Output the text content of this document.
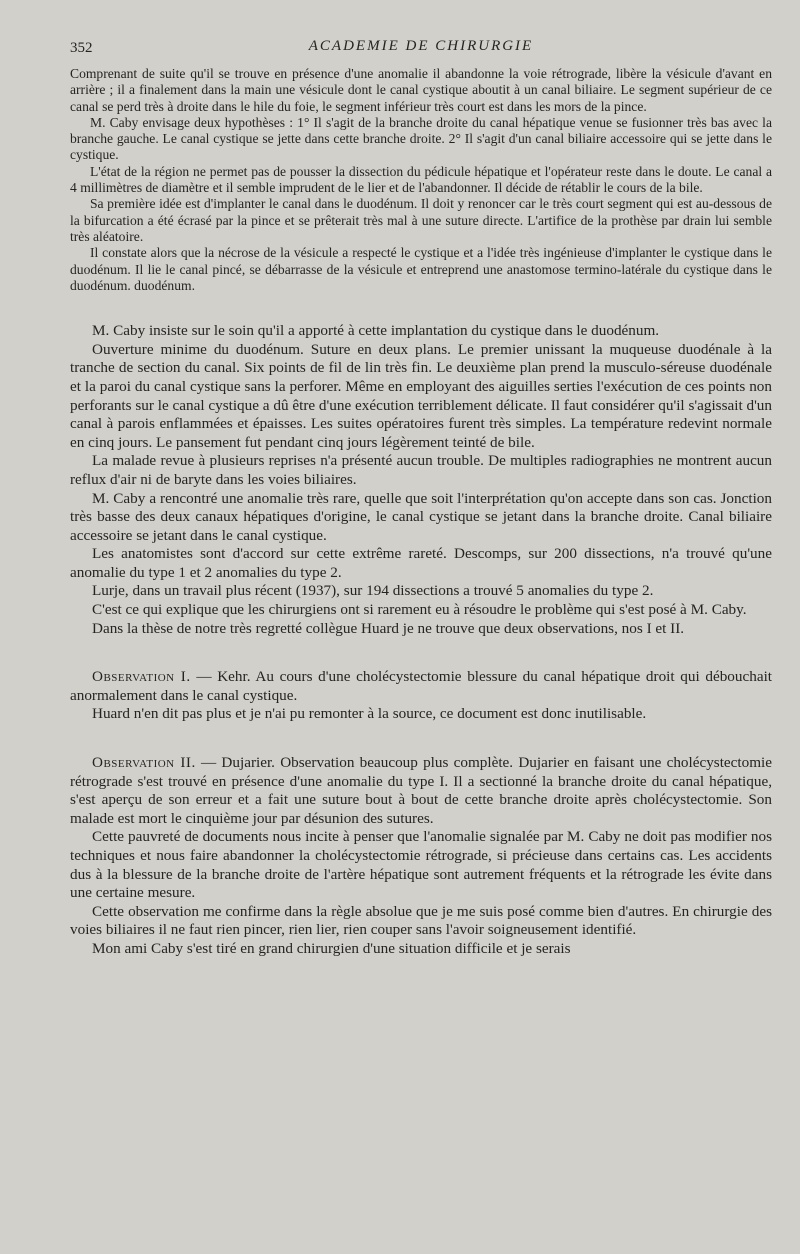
352	ACADEMIE DE CHIRURGIE

Comprenant de suite qu'il se trouve en présence d'une anomalie il abandonne la voie rétrograde, libère la vésicule d'avant en arrière ; il a finalement dans la main une vésicule dont le canal cystique aboutit à un canal biliaire. Le segment supérieur de ce canal se perd très à droite dans le hile du foie, le segment inférieur très court est dans les mors de la pince.

M. Caby envisage deux hypothèses : 1° Il s'agit de la branche droite du canal hépatique venue se fusionner très bas avec la branche gauche. Le canal cystique se jette dans cette branche droite. 2° Il s'agit d'un canal biliaire accessoire qui se jette dans le cystique.

L'état de la région ne permet pas de pousser la dissection du pédicule hépatique et l'opérateur reste dans le doute. Le canal a 4 millimètres de diamètre et il semble imprudent de le lier et de l'abandonner. Il décide de rétablir le cours de la bile.

Sa première idée est d'implanter le canal dans le duodénum. Il doit y renoncer car le très court segment qui est au-dessous de la bifurcation a été écrasé par la pince et se prêterait très mal à une suture directe. L'artifice de la prothèse par drain lui semble très aléatoire.

Il constate alors que la nécrose de la vésicule a respecté le cystique et a l'idée très ingénieuse d'implanter le cystique dans le duodénum. Il lie le canal pincé, se débarrasse de la vésicule et entreprend une anastomose termino-latérale du cystique dans le duodénum. duodénum.

M. Caby insiste sur le soin qu'il a apporté à cette implantation du cystique dans le duodénum.

Ouverture minime du duodénum. Suture en deux plans. Le premier unissant la muqueuse duodénale à la tranche de section du canal. Six points de fil de lin très fin. Le deuxième plan prend la musculo-séreuse duodénale et la paroi du canal cystique sans la perforer. Même en employant des aiguilles serties l'exécution de ces points non perforants sur le canal cystique a dû être d'une exécution terriblement délicate. Il faut considérer qu'il s'agissait d'un canal à parois enflammées et épaisses. Les suites opératoires furent très simples. La température redevint normale en cinq jours. Le pansement fut pendant cinq jours légèrement teinté de bile.

La malade revue à plusieurs reprises n'a présenté aucun trouble. De multiples radiographies ne montrent aucun reflux d'air ni de baryte dans les voies biliaires.

M. Caby a rencontré une anomalie très rare, quelle que soit l'interprétation qu'on accepte dans son cas. Jonction très basse des deux canaux hépatiques d'origine, le canal cystique se jetant dans la branche droite. Canal biliaire accessoire se jetant dans le canal cystique.

Les anatomistes sont d'accord sur cette extrême rareté. Descomps, sur 200 dissections, n'a trouvé qu'une anomalie du type 1 et 2 anomalies du type 2.

Lurje, dans un travail plus récent (1937), sur 194 dissections a trouvé 5 anomalies du type 2.

C'est ce qui explique que les chirurgiens ont si rarement eu à résoudre le problème qui s'est posé à M. Caby.

Dans la thèse de notre très regretté collègue Huard je ne trouve que deux observations, nos I et II.

Observation I. — Kehr. Au cours d'une cholécystectomie blessure du canal hépatique droit qui débouchait anormalement dans le canal cystique.

Huard n'en dit pas plus et je n'ai pu remonter à la source, ce document est donc inutilisable.

Observation II. — Dujarier. Observation beaucoup plus complète. Dujarier en faisant une cholécystectomie rétrograde s'est trouvé en présence d'une anomalie du type I. Il a sectionné la branche droite du canal hépatique, s'est aperçu de son erreur et a fait une suture bout à bout de cette branche droite après cholécystectomie. Son malade est mort le cinquième jour par désunion des sutures.

Cette pauvreté de documents nous incite à penser que l'anomalie signalée par M. Caby ne doit pas modifier nos techniques et nous faire abandonner la cholécystectomie rétrograde, si précieuse dans certains cas. Les accidents dus à la blessure de la branche droite de l'artère hépatique sont autrement fréquents et la rétrograde les évite dans une certaine mesure.

Cette observation me confirme dans la règle absolue que je me suis posé comme bien d'autres. En chirurgie des voies biliaires il ne faut rien pincer, rien lier, rien couper sans l'avoir soigneusement identifié.

Mon ami Caby s'est tiré en grand chirurgien d'une situation difficile et je serais
